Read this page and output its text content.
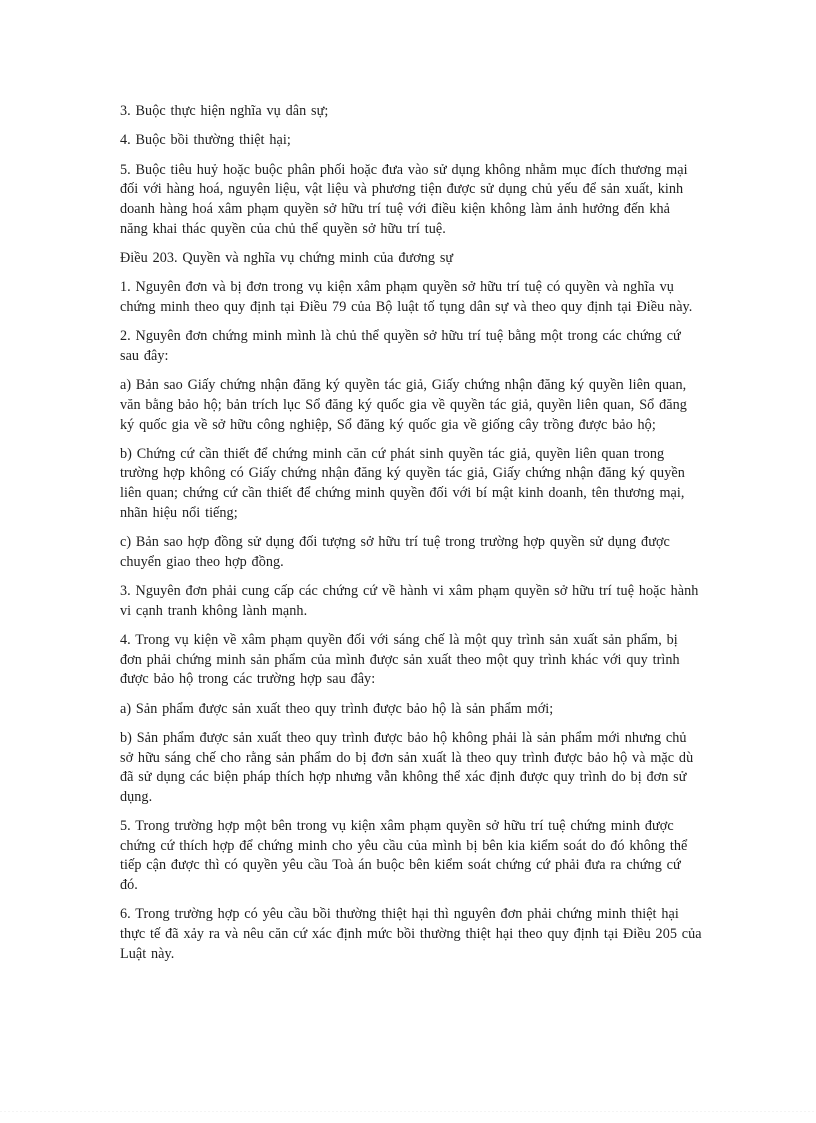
3. Buộc thực hiện nghĩa vụ dân sự;

4. Buộc bồi thường thiệt hại;

5. Buộc tiêu huỷ hoặc buộc phân phối hoặc đưa vào sử dụng không nhằm mục đích thương mại đối với hàng hoá, nguyên liệu, vật liệu và phương tiện được sử dụng chủ yếu để sản xuất, kinh doanh hàng hoá xâm phạm quyền sở hữu trí tuệ với điều kiện không làm ảnh hưởng đến khả năng khai thác quyền của chủ thể quyền sở hữu trí tuệ.

Điều 203. Quyền và nghĩa vụ chứng minh của đương sự

1. Nguyên đơn và bị đơn trong vụ kiện xâm phạm quyền sở hữu trí tuệ có quyền và nghĩa vụ chứng minh theo quy định tại Điều 79 của Bộ luật tố tụng dân sự và theo quy định tại Điều này.

2. Nguyên đơn chứng minh mình là chủ thể quyền sở hữu trí tuệ bằng một trong các chứng cứ sau đây:

a) Bản sao Giấy chứng nhận đăng ký quyền tác giả, Giấy chứng nhận đăng ký quyền liên quan, văn bằng bảo hộ; bản trích lục Sổ đăng ký quốc gia về quyền tác giả, quyền liên quan, Sổ đăng ký quốc gia về sở hữu công nghiệp, Sổ đăng ký quốc gia về giống cây trồng được bảo hộ;

b) Chứng cứ cần thiết để chứng minh căn cứ phát sinh quyền tác giả, quyền liên quan trong trường hợp không có Giấy chứng nhận đăng ký quyền tác giả, Giấy chứng nhận đăng ký quyền liên quan; chứng cứ cần thiết để chứng minh quyền đối với bí mật kinh doanh, tên thương mại, nhãn hiệu nổi tiếng;

c) Bản sao hợp đồng sử dụng đối tượng sở hữu trí tuệ trong trường hợp quyền sử dụng được chuyển giao theo hợp đồng.

3. Nguyên đơn phải cung cấp các chứng cứ về hành vi xâm phạm quyền sở hữu trí tuệ hoặc hành vi cạnh tranh không lành mạnh.

4. Trong vụ kiện về xâm phạm quyền đối với sáng chế là một quy trình sản xuất sản phẩm, bị đơn phải chứng minh sản phẩm của mình được sản xuất theo một quy trình khác với quy trình được bảo hộ trong các trường hợp sau đây:

a) Sản phẩm được sản xuất theo quy trình được bảo hộ là sản phẩm mới;

b) Sản phẩm được sản xuất theo quy trình được bảo hộ không phải là sản phẩm mới nhưng chủ sở hữu sáng chế cho rằng sản phẩm do bị đơn sản xuất là theo quy trình được bảo hộ và mặc dù đã sử dụng các biện pháp thích hợp nhưng vẫn không thể xác định được quy trình do bị đơn sử dụng.

5. Trong trường hợp một bên trong vụ kiện xâm phạm quyền sở hữu trí tuệ chứng minh được chứng cứ thích hợp để chứng minh cho yêu cầu của mình bị bên kia kiểm soát do đó không thể tiếp cận được thì có quyền yêu cầu Toà án buộc bên kiểm soát chứng cứ phải đưa ra chứng cứ đó.

6. Trong trường hợp có yêu cầu bồi thường thiệt hại thì nguyên đơn phải chứng minh thiệt hại thực tế đã xảy ra và nêu căn cứ xác định mức bồi thường thiệt hại theo quy định tại Điều 205 của Luật này.
